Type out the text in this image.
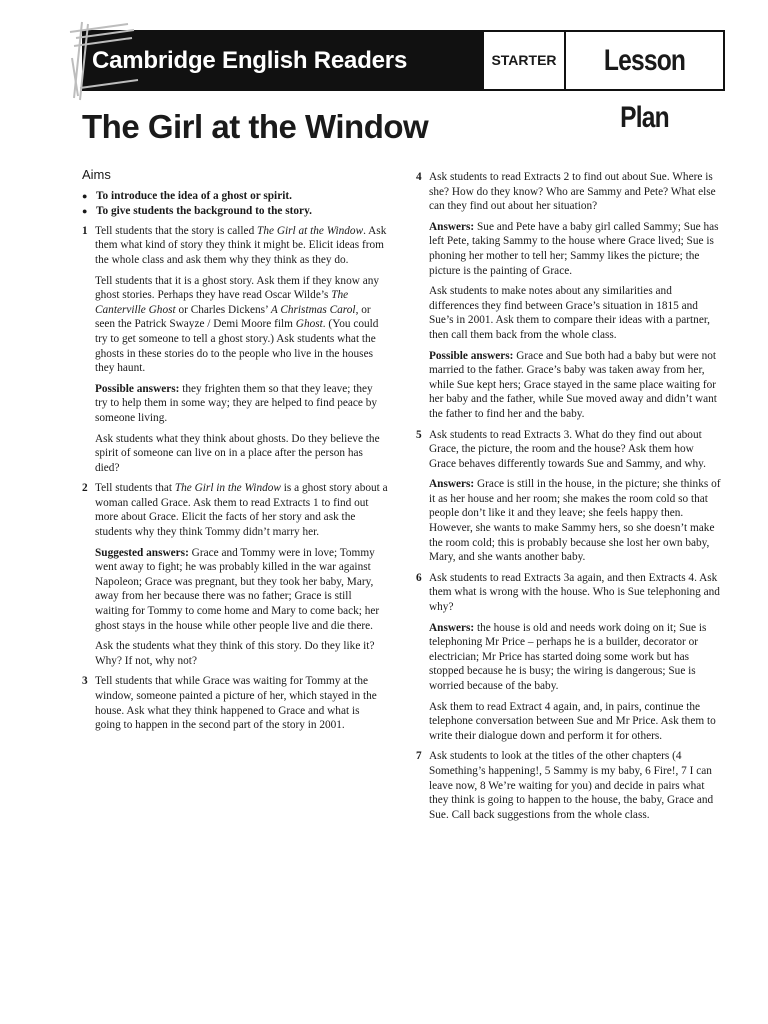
Cambridge English Readers	STARTER	Lesson Plan
The Girl at the Window
Aims
● To introduce the idea of a ghost or spirit.
● To give students the background to the story.
1 Tell students that the story is called The Girl at the Window. Ask them what kind of story they think it might be. Elicit ideas from the whole class and ask them why they think as they do.

Tell students that it is a ghost story. Ask them if they know any ghost stories. Perhaps they have read Oscar Wilde’s The Canterville Ghost or Charles Dickens’ A Christmas Carol, or seen the Patrick Swayze / Demi Moore film Ghost. (You could try to get someone to tell a ghost story.) Ask students what the ghosts in these stories do to the people who live in the houses they haunt.

Possible answers: they frighten them so that they leave; they try to help them in some way; they are helped to find peace by someone living.

Ask students what they think about ghosts. Do they believe the spirit of someone can live on in a place after the person has died?

2 Tell students that The Girl in the Window is a ghost story about a woman called Grace. Ask them to read Extracts 1 to find out more about Grace. Elicit the facts of her story and ask the students why they think Tommy didn’t marry her.

Suggested answers: Grace and Tommy were in love; Tommy went away to fight; he was probably killed in the war against Napoleon; Grace was pregnant, but they took her baby, Mary, away from her because there was no father; Grace is still waiting for Tommy to come home and Mary to come back; her ghost stays in the house while other people live and die there.

Ask the students what they think of this story. Do they like it? Why? If not, why not?

3 Tell students that while Grace was waiting for Tommy at the window, someone painted a picture of her, which stayed in the house. Ask what they think happened to Grace and what is going to happen in the second part of the story in 2001.

4 Ask students to read Extracts 2 to find out about Sue. Where is she? How do they know? Who are Sammy and Pete? What else can they find out about her situation?

Answers: Sue and Pete have a baby girl called Sammy; Sue has left Pete, taking Sammy to the house where Grace lived; Sue is phoning her mother to tell her; Sammy likes the picture; the picture is the painting of Grace.

Ask students to make notes about any similarities and differences they find between Grace’s situation in 1815 and Sue’s in 2001. Ask them to compare their ideas with a partner, then call them back from the whole class.

Possible answers: Grace and Sue both had a baby but were not married to the father. Grace’s baby was taken away from her, while Sue kept hers; Grace stayed in the same place waiting for her baby and the father, while Sue moved away and didn’t want the father to find her and the baby.

5 Ask students to read Extracts 3. What do they find out about Grace, the picture, the room and the house? Ask them how Grace behaves differently towards Sue and Sammy, and why.

Answers: Grace is still in the house, in the picture; she thinks of it as her house and her room; she makes the room cold so that people don’t like it and they leave; she feels happy then. However, she wants to make Sammy hers, so she doesn’t make the room cold; this is probably because she lost her own baby, Mary, and she wants another baby.

6 Ask students to read Extracts 3a again, and then Extracts 4. Ask them what is wrong with the house. Who is Sue telephoning and why?

Answers: the house is old and needs work doing on it; Sue is telephoning Mr Price – perhaps he is a builder, decorator or electrician; Mr Price has started doing some work but has stopped because he is busy; the wiring is dangerous; Sue is worried because of the baby.

Ask them to read Extract 4 again, and, in pairs, continue the telephone conversation between Sue and Mr Price. Ask them to write their dialogue down and perform it for others.

7 Ask students to look at the titles of the other chapters (4 Something’s happening!, 5 Sammy is my baby, 6 Fire!, 7 I can leave now, 8 We’re waiting for you) and decide in pairs what they think is going to happen to the house, the baby, Grace and Sue. Call back suggestions from the whole class.
